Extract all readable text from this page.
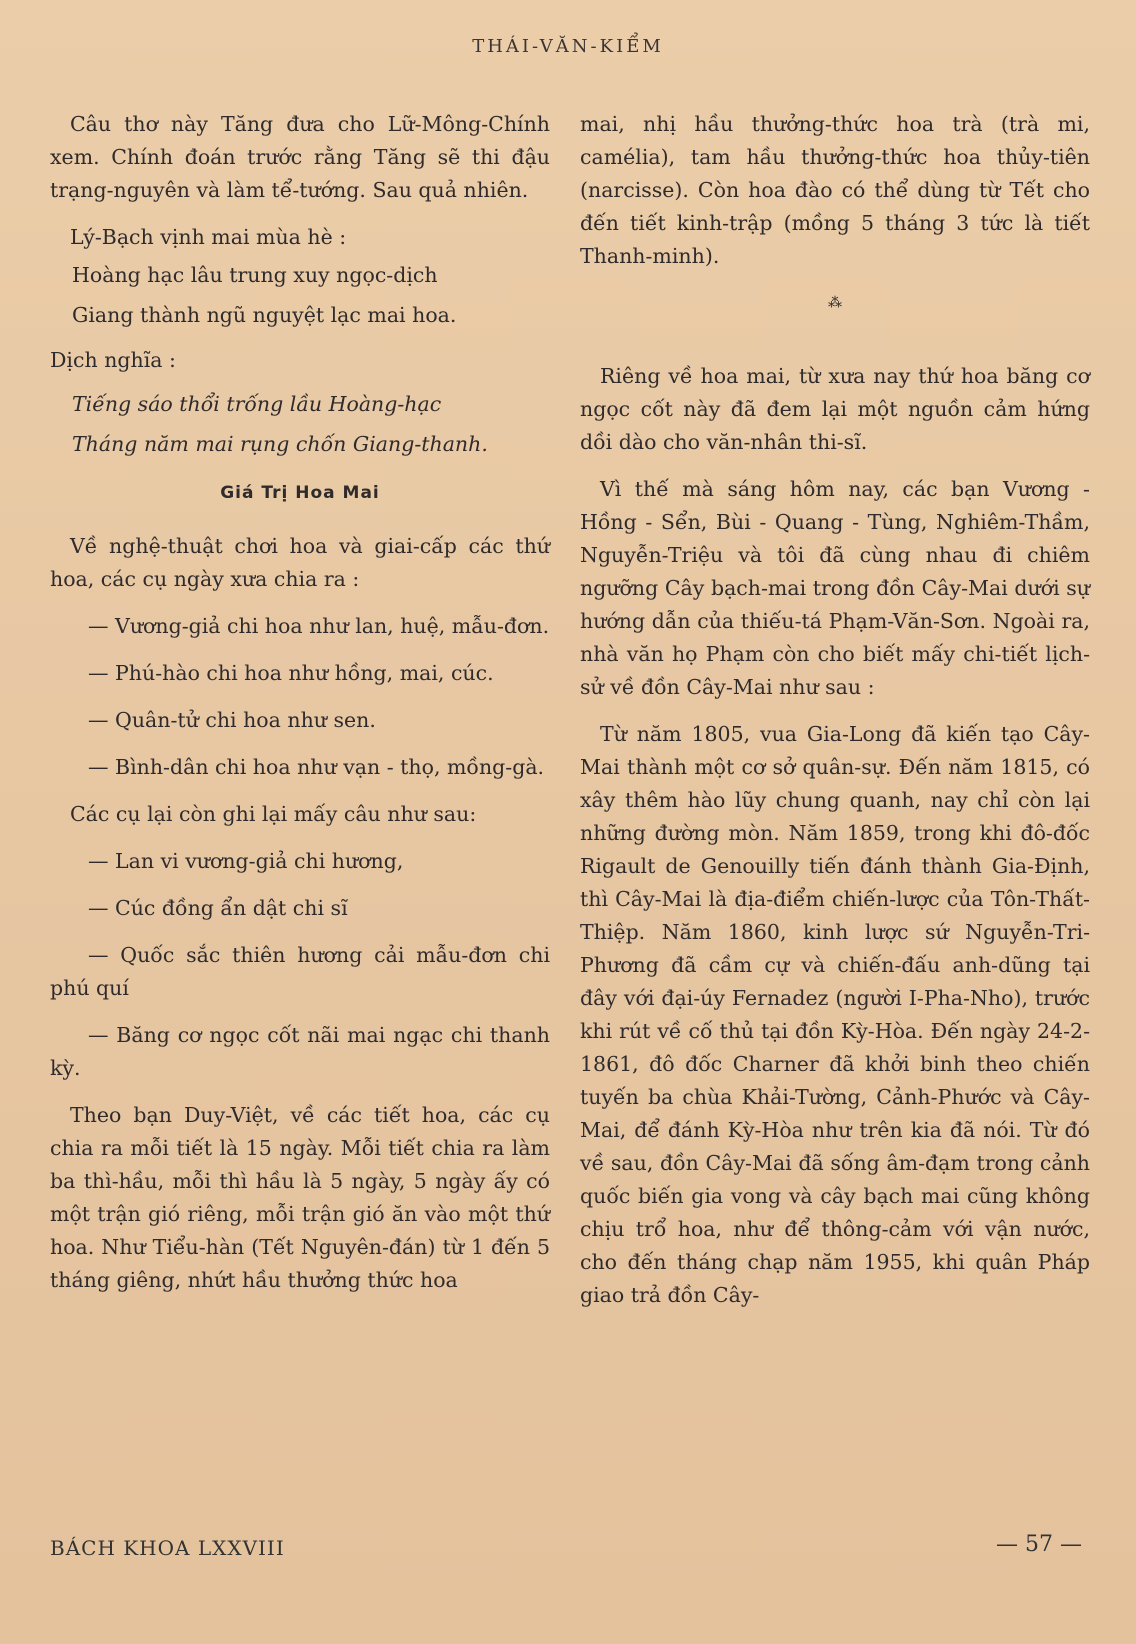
THÁI-VĂN-KIỂM

Câu thơ này Tăng đưa cho Lữ-Mông-Chính xem. Chính đoán trước rằng Tăng sẽ thi đậu trạng-nguyên và làm tể-tướng. Sau quả nhiên.

Lý-Bạch vịnh mai mùa hè :

Hoàng hạc lâu trung xuy ngọc-dịch
Giang thành ngũ nguyệt lạc mai hoa.
Dịch nghĩa :
Tiếng sáo thổi trống lầu Hoàng-hạc
Tháng năm mai rụng chốn Giang-thanh.
Giá Trị Hoa Mai

Về nghệ-thuật chơi hoa và giai-cấp các thứ hoa, các cụ ngày xưa chia ra :

— Vương-giả chi hoa như lan, huệ, mẫu-đơn.

— Phú-hào chi hoa như hồng, mai, cúc.

— Quân-tử chi hoa như sen.

— Bình-dân chi hoa như vạn - thọ, mồng-gà.

Các cụ lại còn ghi lại mấy câu như sau:

— Lan vi vương-giả chi hương,

— Cúc đồng ẩn dật chi sĩ

— Quốc sắc thiên hương cải mẫu-đơn chi phú quí

— Băng cơ ngọc cốt nãi mai ngạc chi thanh kỳ.

Theo bạn Duy-Việt, về các tiết hoa, các cụ chia ra mỗi tiết là 15 ngày. Mỗi tiết chia ra làm ba thì-hầu, mỗi thì hầu là 5 ngày, 5 ngày ấy có một trận gió riêng, mỗi trận gió ăn vào một thứ hoa. Như Tiểu-hàn (Tết Nguyên-đán) từ 1 đến 5 tháng giêng, nhứt hầu thưởng thức hoa

mai, nhị hầu thưởng-thức hoa trà (trà mi, camélia), tam hầu thưởng-thức hoa thủy-tiên (narcisse). Còn hoa đào có thể dùng từ Tết cho đến tiết kinh-trập (mồng 5 tháng 3 tức là tiết Thanh-minh).

⁂

Riêng về hoa mai, từ xưa nay thứ hoa băng cơ ngọc cốt này đã đem lại một nguồn cảm hứng dồi dào cho văn-nhân thi-sĩ.

Vì thế mà sáng hôm nay, các bạn Vương - Hồng - Sển, Bùi - Quang - Tùng, Nghiêm-Thầm, Nguyễn-Triệu và tôi đã cùng nhau đi chiêm ngưỡng Cây bạch-mai trong đồn Cây-Mai dưới sự hướng dẫn của thiếu-tá Phạm-Văn-Sơn. Ngoài ra, nhà văn họ Phạm còn cho biết mấy chi-tiết lịch-sử về đồn Cây-Mai như sau :

Từ năm 1805, vua Gia-Long đã kiến tạo Cây-Mai thành một cơ sở quân-sự. Đến năm 1815, có xây thêm hào lũy chung quanh, nay chỉ còn lại những đường mòn. Năm 1859, trong khi đô-đốc Rigault de Genouilly tiến đánh thành Gia-Định, thì Cây-Mai là địa-điểm chiến-lược của Tôn-Thất-Thiệp. Năm 1860, kinh lược sứ Nguyễn-Tri-Phương đã cầm cự và chiến-đấu anh-dũng tại đây với đại-úy Fernadez (người I-Pha-Nho), trước khi rút về cố thủ tại đồn Kỳ-Hòa. Đến ngày 24-2-1861, đô đốc Charner đã khởi binh theo chiến tuyến ba chùa Khải-Tường, Cảnh-Phước và Cây-Mai, để đánh Kỳ-Hòa như trên kia đã nói. Từ đó về sau, đồn Cây-Mai đã sống âm-đạm trong cảnh quốc biến gia vong và cây bạch mai cũng không chịu trổ hoa, như để thông-cảm với vận nước, cho đến tháng chạp năm 1955, khi quân Pháp giao trả đồn Cây-

BÁCH KHOA LXXVIII	— 57 —
